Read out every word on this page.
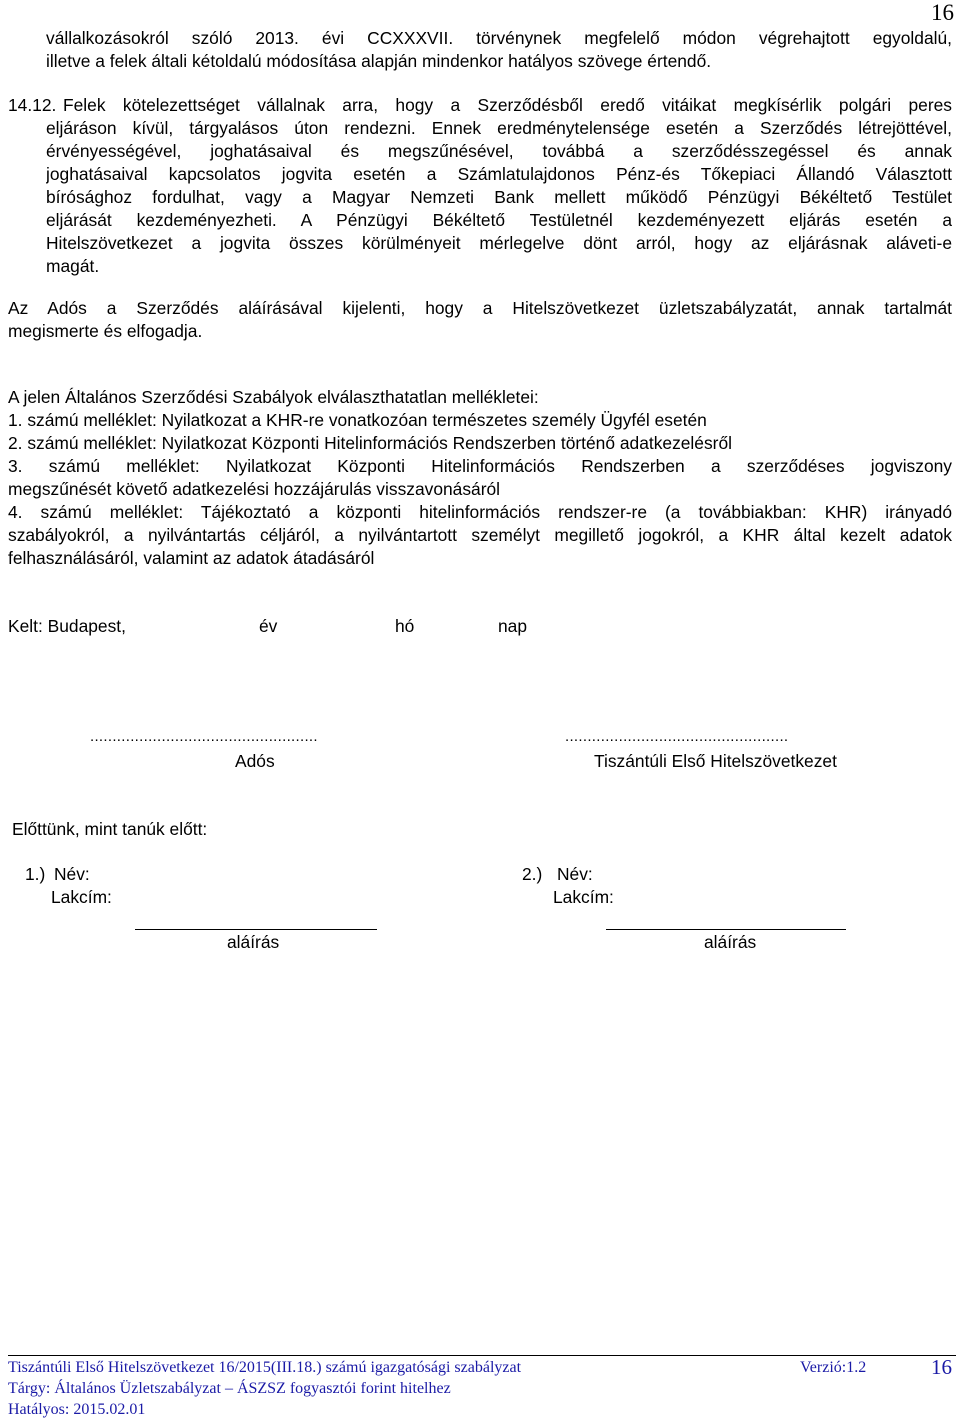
16
vállalkozásokról szóló 2013. évi CCXXXVII. törvénynek megfelelő módon végrehajtott egyoldalú,
illetve a felek általi kétoldalú módosítása alapján mindenkor hatályos szövege értendő.
14.12. Felek kötelezettséget vállalnak arra, hogy a Szerződésből eredő vitáikat megkísérlik polgári peres
eljáráson kívül, tárgyalásos úton rendezni. Ennek eredménytelensége esetén a Szerződés létrejöttével,
érvényességével, joghatásaival és megszűnésével, továbbá a szerződésszegéssel és annak
joghatásaival kapcsolatos jogvita esetén a Számlatulajdonos Pénz-és Tőkepiaci Állandó Választott
bírósághoz fordulhat, vagy a Magyar Nemzeti Bank mellett működő Pénzügyi Békéltető Testület
eljárását kezdeményezheti. A Pénzügyi Békéltető Testületnél kezdeményezett eljárás esetén a
Hitelszövetkezet a jogvita összes körülményeit mérlegelve dönt arról, hogy az eljárásnak aláveti-e
magát.
Az Adós a Szerződés aláírásával kijelenti, hogy a Hitelszövetkezet üzletszabályzatát, annak tartalmát
megismerte és elfogadja.
A jelen Általános Szerződési Szabályok elválaszthatatlan mellékletei:
1. számú melléklet: Nyilatkozat a KHR-re vonatkozóan természetes személy Ügyfél esetén
2. számú melléklet: Nyilatkozat Központi Hitelinformációs Rendszerben történő adatkezelésről
3. számú melléklet: Nyilatkozat Központi Hitelinformációs Rendszerben a szerződéses jogviszony
megszűnését követő adatkezelési hozzájárulás visszavonásáról
4. számú melléklet: Tájékoztató a központi hitelinformációs rendszer-re (a továbbiakban: KHR) irányadó
szabályokról, a nyilvántartás céljáról, a nyilvántartott személyt megillető jogokról, a KHR által kezelt adatok
felhasználásáról, valamint az adatok átadásáról
Kelt: Budapest,	év	hó	nap
...................................................
Adós
..................................................
Tiszántúli Első Hitelszövetkezet
Előttünk, mint tanúk előtt:
1.) Név:
Lakcím:
aláírás
2.) Név:
Lakcím:
aláírás
Tiszántúli Első Hitelszövetkezet 16/2015(III.18.) számú igazgatósági szabályzat	Verzió:1.2	16
Tárgy: Általános Üzletszabályzat – ÁSZSZ fogyasztói forint hitelhez
Hatályos: 2015.02.01
